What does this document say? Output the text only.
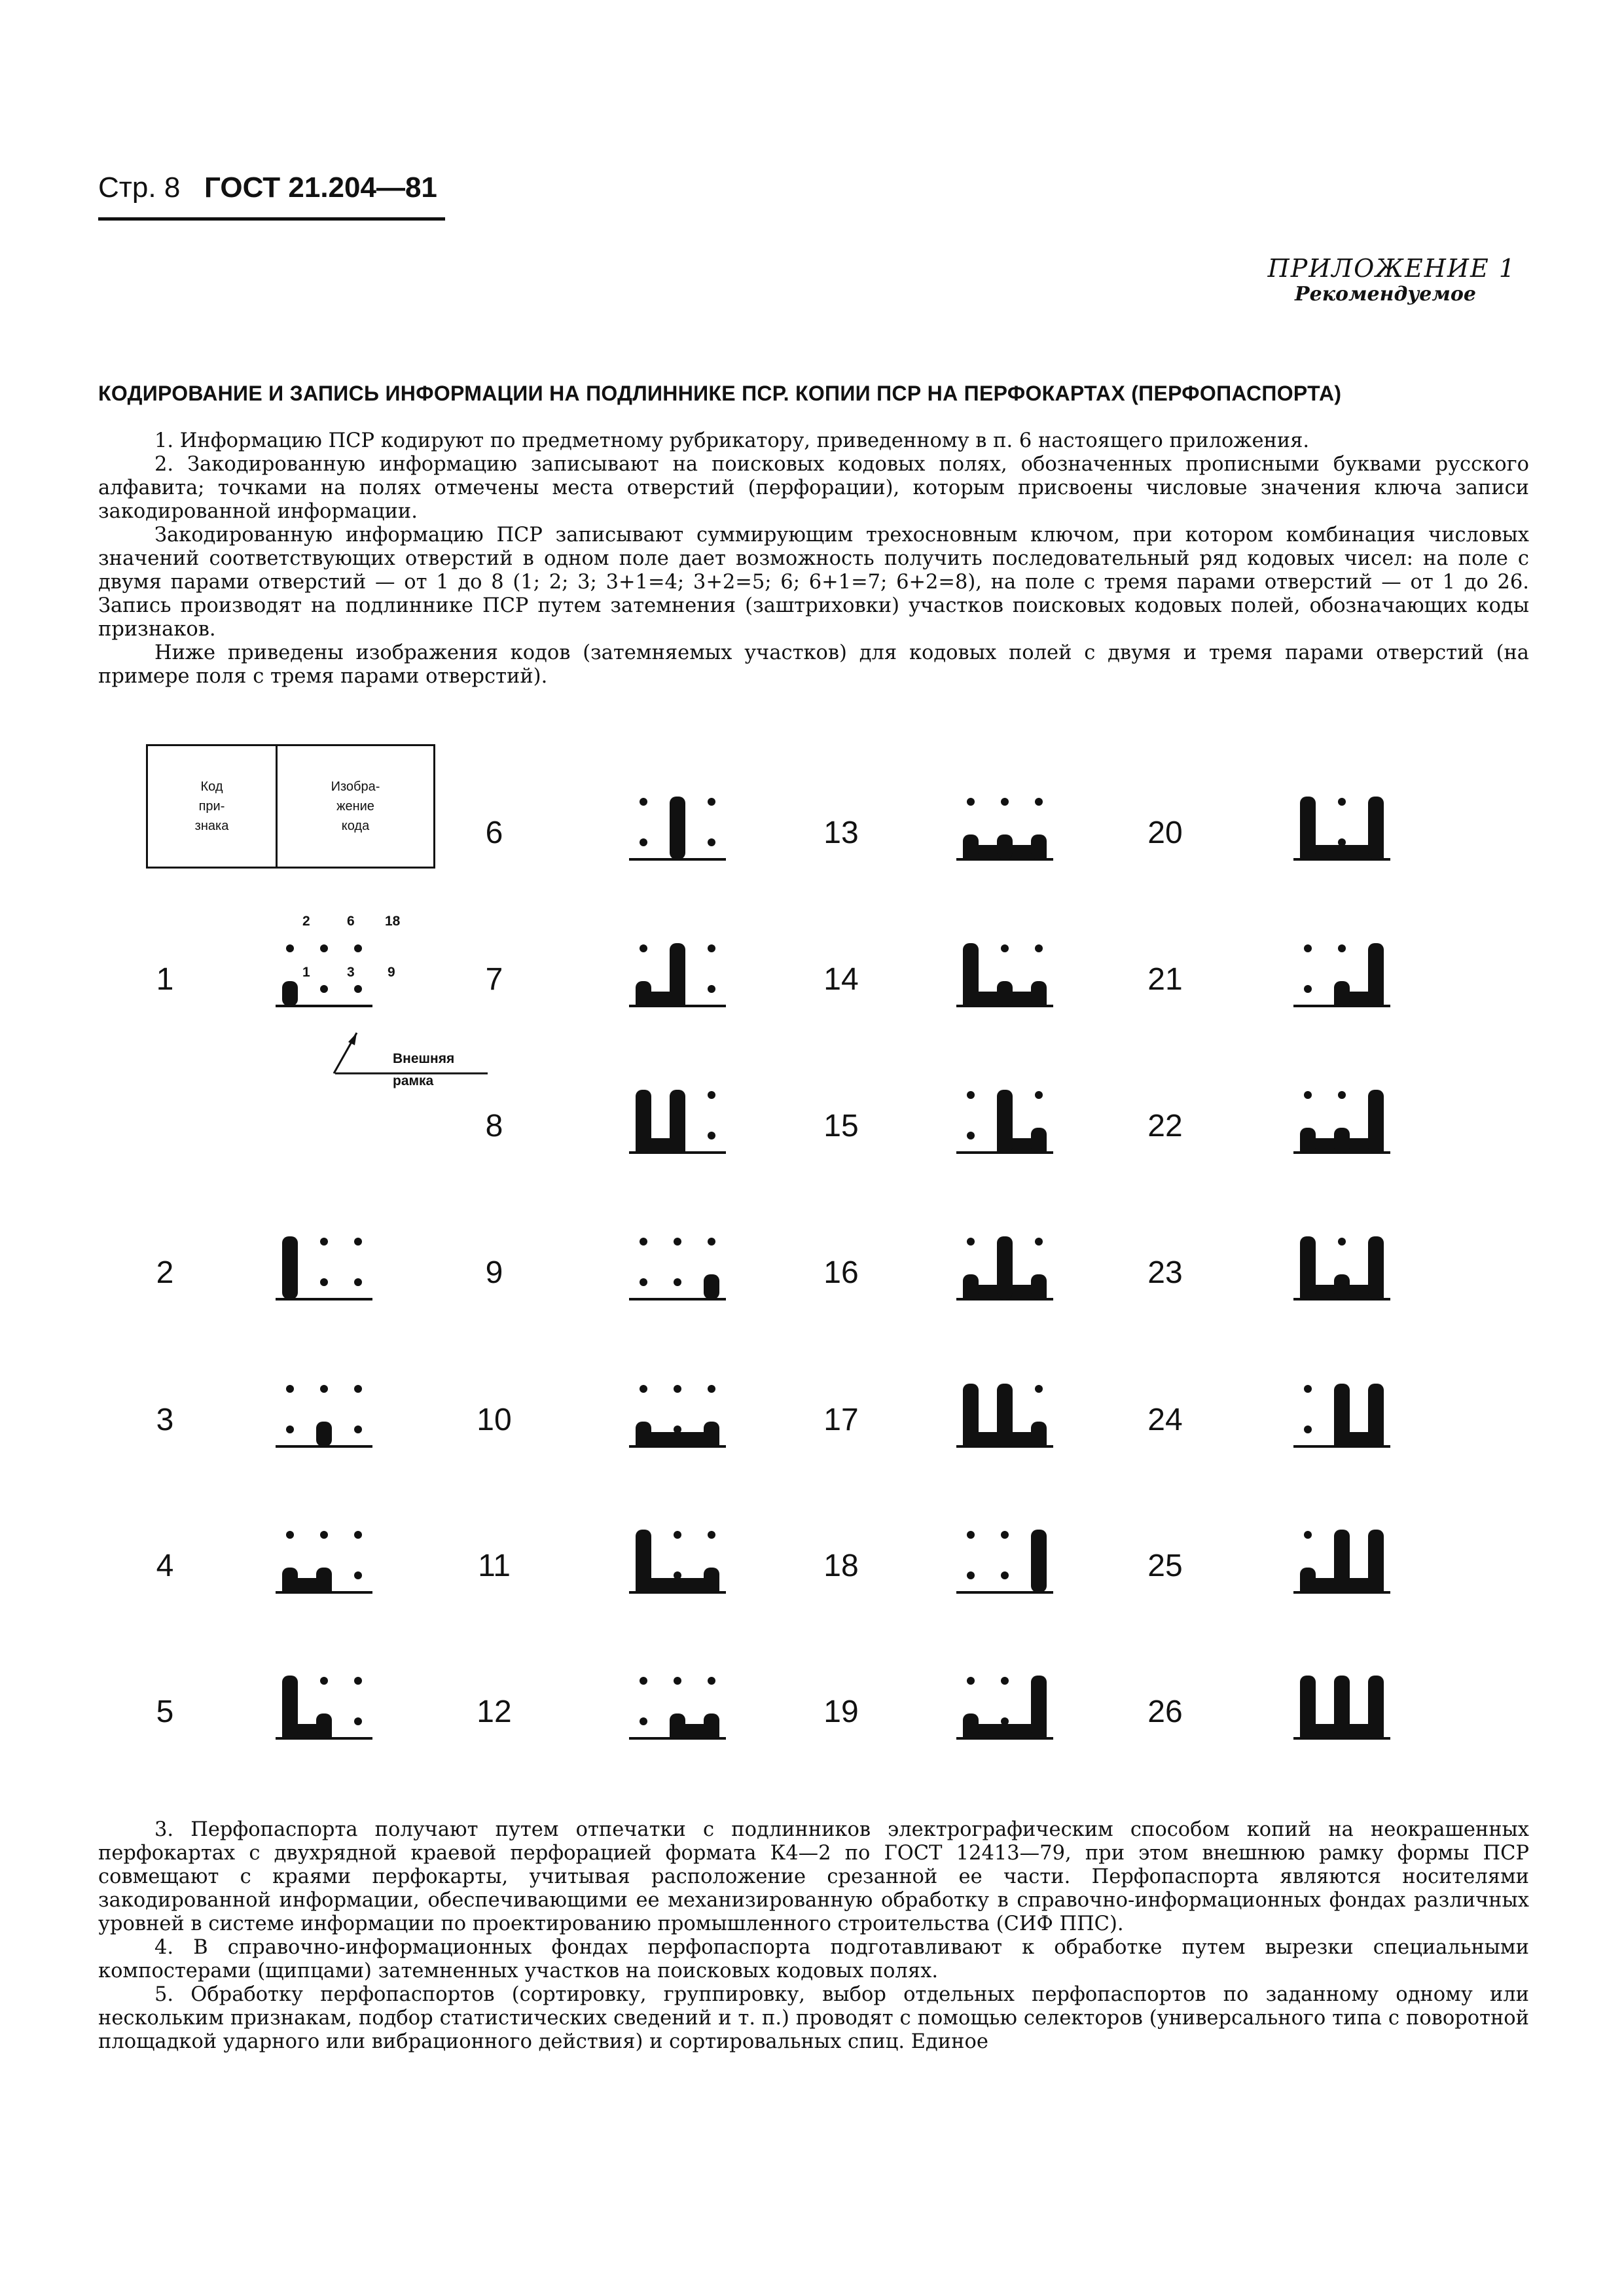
Стр. 8 ГОСТ 21.204—81
ПРИЛОЖЕНИЕ 1
Рекомендуемое
КОДИРОВАНИЕ И ЗАПИСЬ ИНФОРМАЦИИ НА ПОДЛИННИКЕ ПСР. КОПИИ ПСР НА ПЕРФОКАРТАХ (ПЕРФОПАСПОРТА)

1. Информацию ПСР кодируют по предметному рубрикатору, приведенному в п. 6 настоящего приложения.

2. Закодированную информацию записывают на поисковых кодовых полях, обозначенных прописными буквами русского алфавита; точками на полях отмечены места отверстий (перфорации), которым присвоены числовые значения ключа записи закодированной информации.

Закодированную информацию ПСР записывают суммирующим трехосновным ключом, при котором комбинация числовых значений соответствующих отверстий в одном поле дает возможность получить последовательный ряд кодовых чисел: на поле с двумя парами отверстий — от 1 до 8 (1; 2; 3; 3+1=4; 3+2=5; 6; 6+1=7; 6+2=8), на поле с тремя парами отверстий — от 1 до 26. Запись производят на подлиннике ПСР путем затемнения (заштриховки) участков поисковых кодовых полей, обозначающих коды признаков.

Ниже приведены изображения кодов (затемняемых участков) для кодовых полей с двумя и тремя парами отверстий (на примере поля с тремя парами отверстий).

Код
при-
знака
Изобра-
жение
кода
2	6 18
1	3 9
Внешняя
рамка
1
2
3
4
5
6
7
8
9
10
11
12
13
14
15
16
17
18
19
20
21
22
23
24
25
26

3. Перфопаспорта получают путем отпечатки с подлинников электрографическим способом копий на неокрашенных перфокартах с двухрядной краевой перфорацией формата К4—2 по ГОСТ 12413—79, при этом внешнюю рамку формы ПСР совмещают с краями перфокарты, учитывая расположение срезанной ее части. Перфопаспорта являются носителями закодированной информации, обеспечивающими ее механизированную обработку в справочно-информационных фондах различных уровней в системе информации по проектированию промышленного строительства (СИФ ППС).

4. В справочно-информационных фондах перфопаспорта подготавливают к обработке путем вырезки специальными компостерами (щипцами) затемненных участков на поисковых кодовых полях.

5. Обработку перфопаспортов (сортировку, группировку, выбор отдельных перфопаспортов по заданному одному или нескольким признакам, подбор статистических сведений и т. п.) проводят с помощью селекторов (универсального типа с поворотной площадкой ударного или вибрационного действия) и сортировальных спиц. Единое
